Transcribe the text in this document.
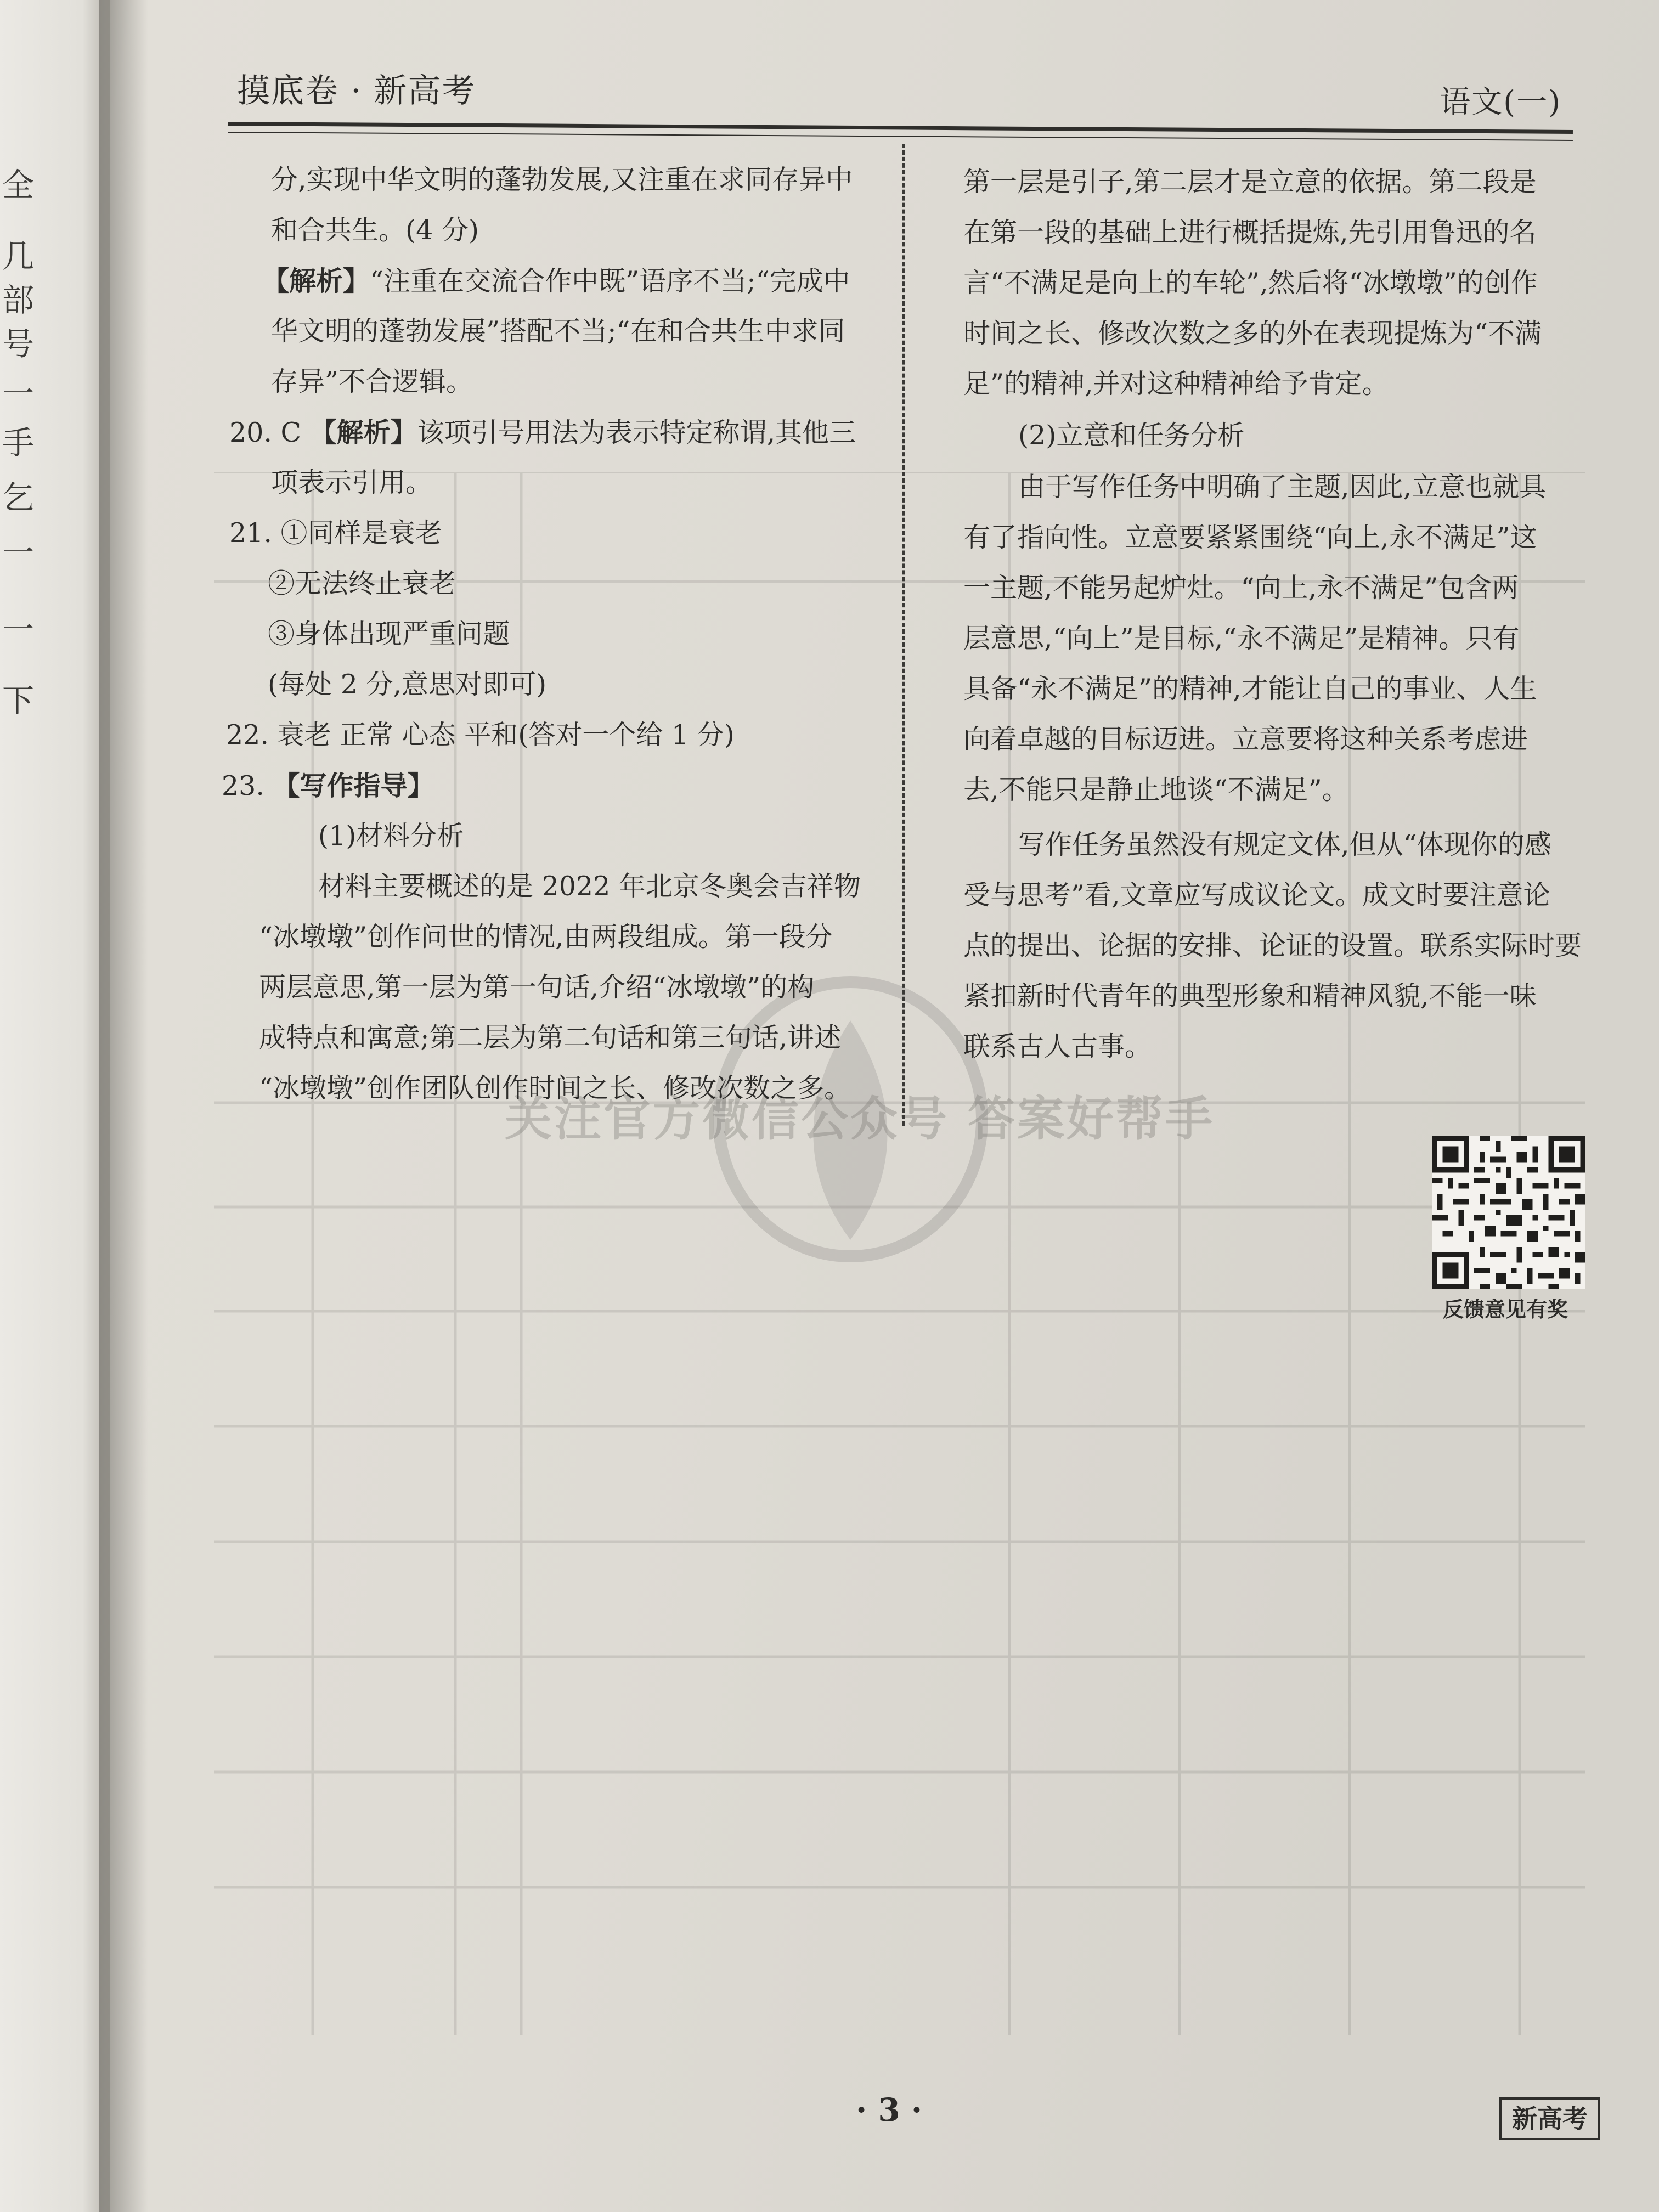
全
几
部
号
一
手
乞
一
一
下
关注官方微信公众号 答案好帮手
摸底卷 · 新高考	语文(一)
分,实现中华文明的蓬勃发展,又注重在求同存异中
和合共生。(4 分)
【解析】“注重在交流合作中既”语序不当;“完成中
华文明的蓬勃发展”搭配不当;“在和合共生中求同
存异”不合逻辑。
20. C 【解析】该项引号用法为表示特定称谓,其他三
项表示引用。
21. ①同样是衰老
②无法终止衰老
③身体出现严重问题
(每处 2 分,意思对即可)
22. 衰老 正常 心态 平和(答对一个给 1 分)
23. 【写作指导】
(1)材料分析
材料主要概述的是 2022 年北京冬奥会吉祥物
“冰墩墩”创作问世的情况,由两段组成。第一段分
两层意思,第一层为第一句话,介绍“冰墩墩”的构
成特点和寓意;第二层为第二句话和第三句话,讲述
“冰墩墩”创作团队创作时间之长、修改次数之多。
第一层是引子,第二层才是立意的依据。第二段是
在第一段的基础上进行概括提炼,先引用鲁迅的名
言“不满足是向上的车轮”,然后将“冰墩墩”的创作
时间之长、修改次数之多的外在表现提炼为“不满
足”的精神,并对这种精神给予肯定。
(2)立意和任务分析
由于写作任务中明确了主题,因此,立意也就具
有了指向性。立意要紧紧围绕“向上,永不满足”这
一主题,不能另起炉灶。“向上,永不满足”包含两
层意思,“向上”是目标,“永不满足”是精神。只有
具备“永不满足”的精神,才能让自己的事业、人生
向着卓越的目标迈进。立意要将这种关系考虑进
去,不能只是静止地谈“不满足”。
写作任务虽然没有规定文体,但从“体现你的感
受与思考”看,文章应写成议论文。成文时要注意论
点的提出、论据的安排、论证的设置。联系实际时要
紧扣新时代青年的典型形象和精神风貌,不能一味
联系古人古事。
反馈意见有奖
· 3 ·	新高考
